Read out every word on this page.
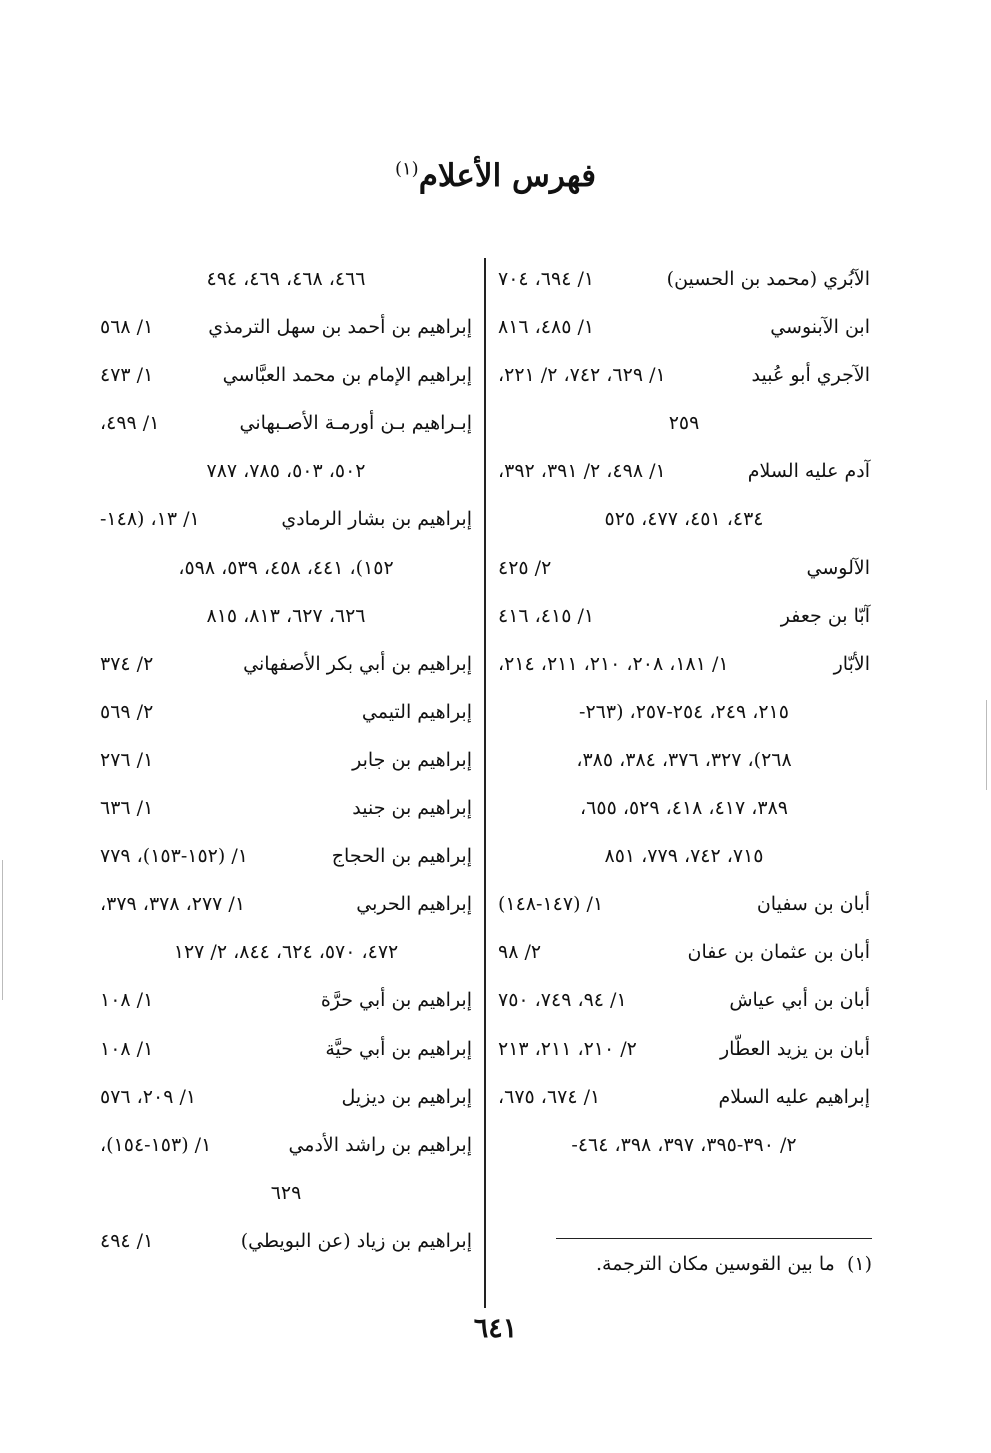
فهرس الأعلام$^{(١)}$
الآبُري (محمد بن الحسين)
١/ ٦٩٤، ٧٠٤
ابن الآبنوسي
١/ ٤٨٥، ٨١٦
الآجري أبو عُبيد
١/ ٦٢٩، ٧٤٢، ٢/ ٢٢١،
٢٥٩
آدم عليه السلام
١/ ٤٩٨، ٢/ ٣٩١، ٣٩٢،
٤٣٤، ٤٥١، ٤٧٧، ٥٢٥
الآلوسي
٢/ ٤٢٥
آبّا بن جعفر
١/ ٤١٥، ٤١٦
الأبّار
١/ ١٨١، ٢٠٨، ٢١٠، ٢١١، ٢١٤،
٢١٥، ٢٤٩، ٢٥٤-٢٥٧، (٢٦٣-
٢٦٨)، ٣٢٧، ٣٧٦، ٣٨٤، ٣٨٥،
٣٨٩، ٤١٧، ٤١٨، ٥٢٩، ٦٥٥،
٧١٥، ٧٤٢، ٧٧٩، ٨٥١
أبان بن سفيان
١/ (١٤٧-١٤٨)
أبان بن عثمان بن عفان
٢/ ٩٨
أبان بن أبي عياش
١/ ٩٤، ٧٤٩، ٧٥٠
أبان بن يزيد العطّار
٢/ ٢١٠، ٢١١، ٢١٣
إبراهيم عليه السلام
١/ ٦٧٤، ٦٧٥،
٢/ ٣٩٠-٣٩٥، ٣٩٧، ٣٩٨، ٤٦٤-
٤٦٦، ٤٦٨، ٤٦٩، ٤٩٤
إبراهيم بن أحمد بن سهل الترمذي
١/ ٥٦٨
إبراهيم الإمام بن محمد العبَّاسي
١/ ٤٧٣
إبـراهيم بـن أورمـة الأصـبهاني
١/ ٤٩٩،
٥٠٢، ٥٠٣، ٧٨٥، ٧٨٧
إبراهيم بن بشار الرمادي
١/ ١٣، (١٤٨-
١٥٢)، ٤٤١، ٤٥٨، ٥٣٩، ٥٩٨،
٦٢٦، ٦٢٧، ٨١٣، ٨١٥
إبراهيم بن أبي بكر الأصفهاني
٢/ ٣٧٤
إبراهيم التيمي
٢/ ٥٦٩
إبراهيم بن جابر
١/ ٢٧٦
إبراهيم بن جنيد
١/ ٦٣٦
إبراهيم بن الحجاج
١/ (١٥٢-١٥٣)، ٧٧٩
إبراهيم الحربي
١/ ٢٧٧، ٣٧٨، ٣٧٩،
٤٧٢، ٥٧٠، ٦٢٤، ٨٤٤، ٢/ ١٢٧
إبراهيم بن أبي حرَّة
١/ ١٠٨
إبراهيم بن أبي حيَّة
١/ ١٠٨
إبراهيم بن ديزيل
١/ ٢٠٩، ٥٧٦
إبراهيم بن راشد الأدمي
١/ (١٥٣-١٥٤)،
٦٢٩
إبراهيم بن زياد (عن البويطي)
١/ ٤٩٤
(١)  ما بين القوسين مكان الترجمة.
٦٤١
